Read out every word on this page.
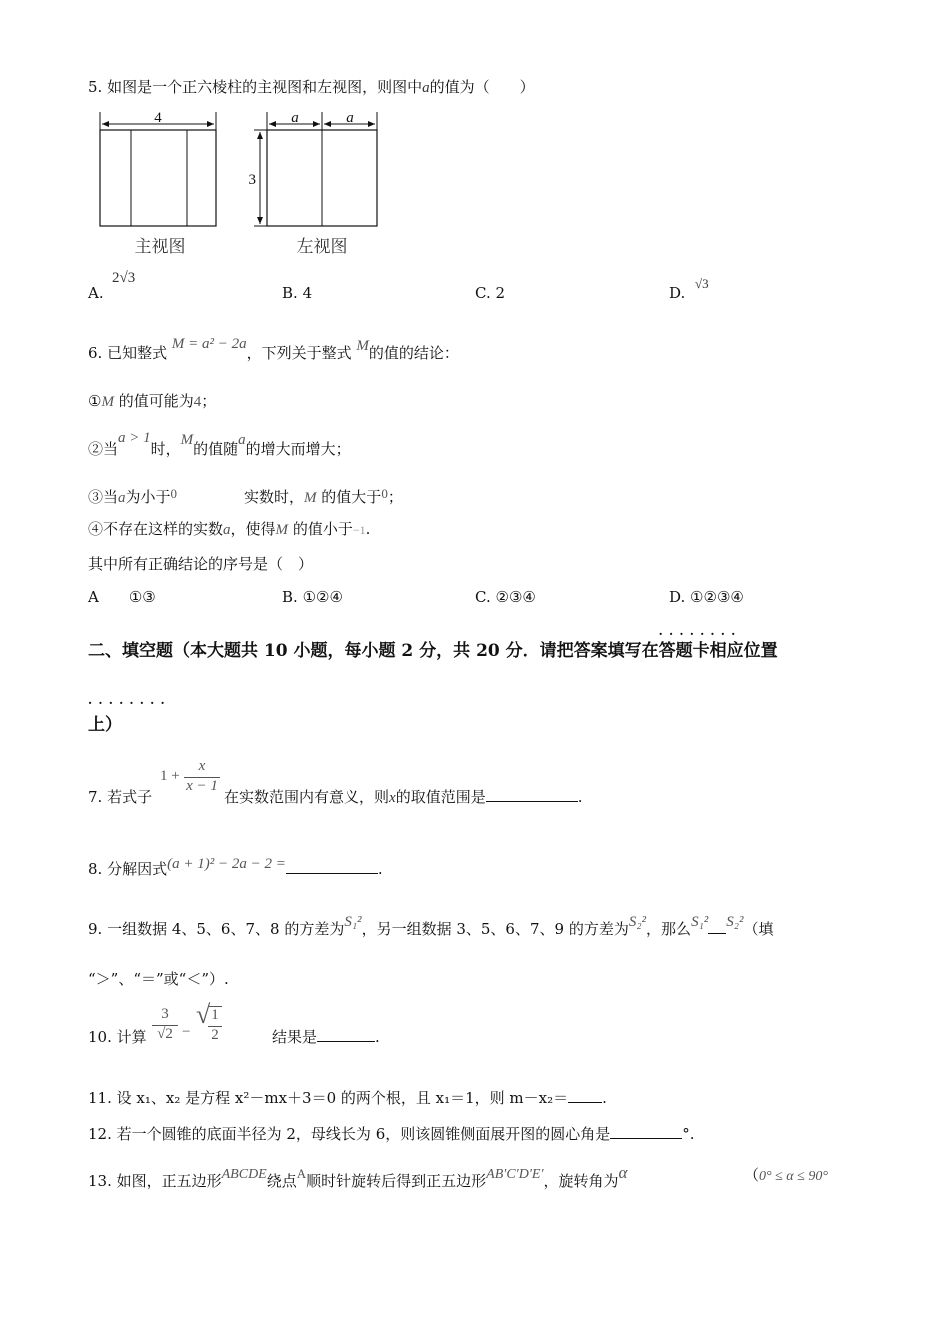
5. 如图是一个正六棱柱的主视图和左视图，则图中a的值为（　　）
4	a	a
3
主视图	左视图
A.
2√3
B. 4	C. 2	D.
√3
6. 已知整式 M = a² − 2a，下列关于整式 M的值的结论：
①M 的值可能为4；
②当a > 1时，M的值随a的增大而增大；
③当a为小于0	实数时，M 的值大于0；
④不存在这样的实数a，使得M 的值小于−1.
其中所有正确结论的序号是（　）
A ①③	B. ①②④	C. ②③④	D. ①②③④
二、填空题（本大题共 10 小题，每小题 2 分，共 20 分．请把答案填写在· · · 答题卡相应位置
· · · 上）
7. 若式子
$1 + \frac{x}{x - 1}$
在实数范围内有意义，则x的取值范围是	.
8. 分解因式(a + 1)² − 2a − 2 =	.
9. 一组数据 4、5、6、7、8 的方差为S₁²，另一组数据 3、5、6、7、9 的方差为S₂²，那么S₁² S₂²（填
“＞”、“＝”或“＜”）.
10. 计算
3
√2 −
√ 1
2	结果是	.
11. 设 x₁、x₂ 是方程 x²－mx＋3＝0 的两个根，且 x₁＝1，则 m－x₂＝ .
12. 若一个圆锥的底面半径为 2，母线长为 6，则该圆锥侧面展开图的圆心角是	°.
13. 如图，正五边形ABCDE绕点A顺时针旋转后得到正五边形AB′C′D′E′，旋转角为α	（0° ≤ α ≤ 90°
